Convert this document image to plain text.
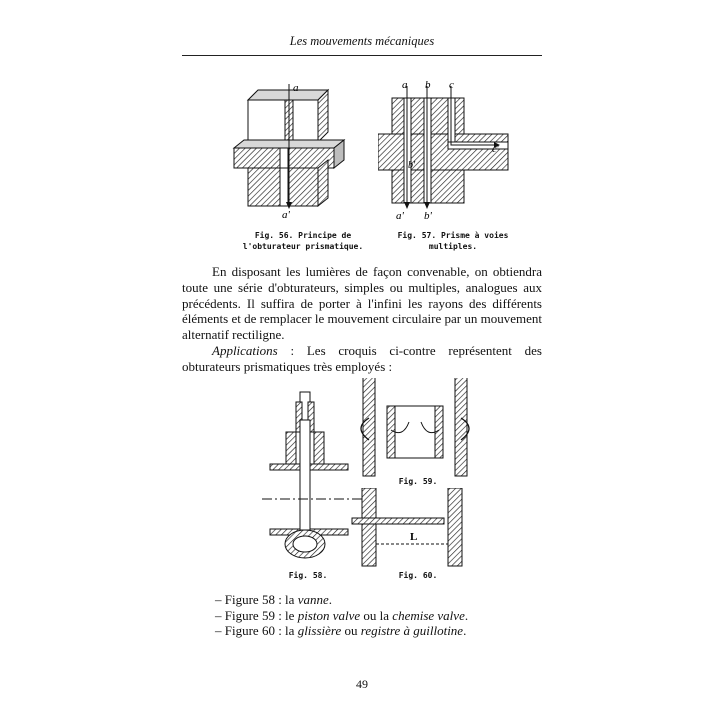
Les mouvements mécaniques
a
a'
Fig. 56. Principe de
l'obturateur prismatique.
a b c
c'
b'
a' b'
Fig. 57. Prisme à voies
multiples.

En disposant les lumières de façon convenable, on obtiendra toute une série d'obturateurs, simples ou multiples, analogues aux précédents. Il suffira de porter à l'infini les rayons des différents éléments et de remplacer le mouvement circulaire par un mouvement alternatif rectiligne.

Applications : Les croquis ci-contre représentent des obturateurs prismatiques très employés :

Fig. 58.
Fig. 59.
L
Fig. 60.
– Figure 58 : la vanne.
– Figure 59 : le piston valve ou la chemise valve.
– Figure 60 : la glissière ou registre à guillotine.
49
